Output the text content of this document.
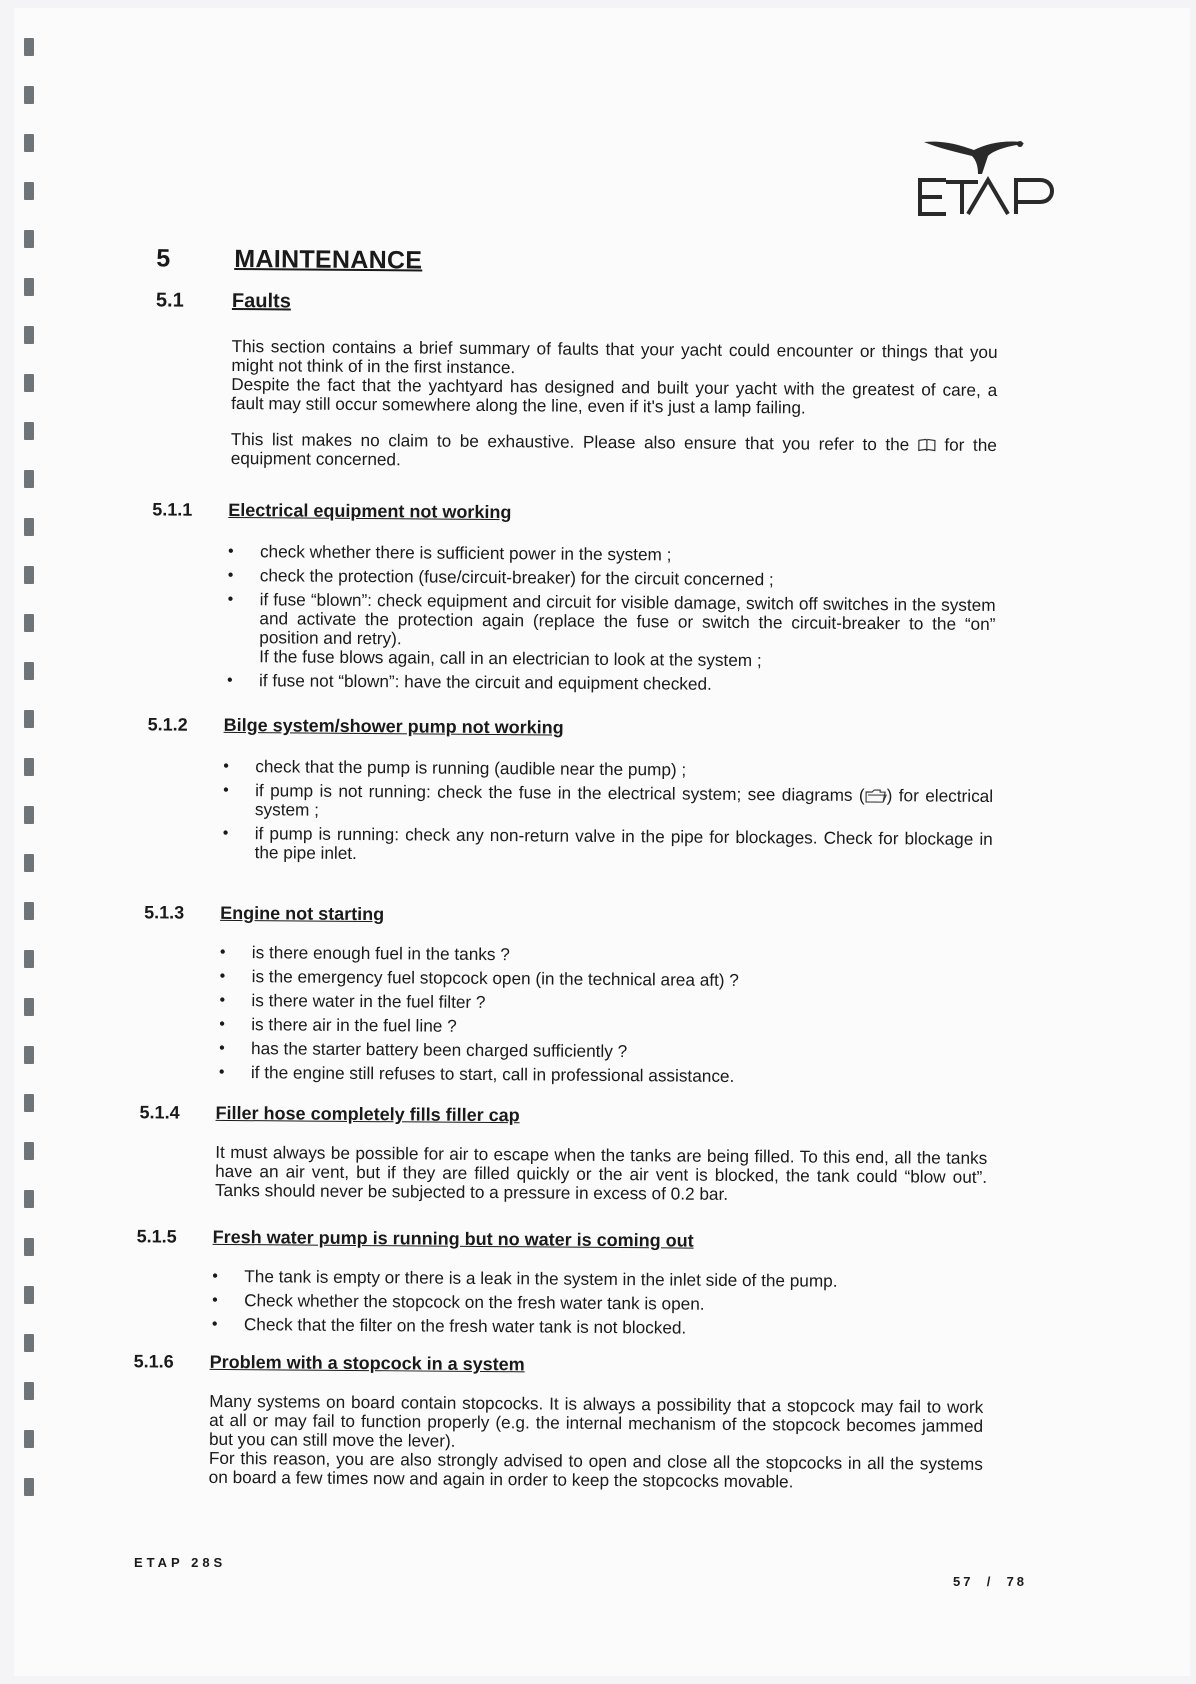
ETAP
5	MAINTENANCE
5.1 Faults

This section contains a brief summary of faults that your yacht could encounter or things that you might not think of in the first instance.

Despite the fact that the yachtyard has designed and built your yacht with the greatest of care, a fault may still occur somewhere along the line, even if it's just a lamp failing.

This list makes no claim to be exhaustive. Please also ensure that you refer to the for the equipment concerned.

5.1.1 Electrical equipment not working
• check whether there is sufficient power in the system ;
• check the protection (fuse/circuit-breaker) for the circuit concerned ;
• if fuse “blown”: check equipment and circuit for visible damage, switch off switches in the system and activate the protection again (replace the fuse or switch the circuit-breaker to the “on” position and retry).
If the fuse blows again, call in an electrician to look at the system ;
• if fuse not “blown”: have the circuit and equipment checked.
5.1.2 Bilge system/shower pump not working
• check that the pump is running (audible near the pump) ;
• if pump is not running: check the fuse in the electrical system; see diagrams ( ) for electrical system ;
• if pump is running: check any non-return valve in the pipe for blockages. Check for blockage in the pipe inlet.
5.1.3 Engine not starting
• is there enough fuel in the tanks ?
• is the emergency fuel stopcock open (in the technical area aft) ?
• is there water in the fuel filter ?
• is there air in the fuel line ?
• has the starter battery been charged sufficiently ?
• if the engine still refuses to start, call in professional assistance.
5.1.4 Filler hose completely fills filler cap

It must always be possible for air to escape when the tanks are being filled. To this end, all the tanks have an air vent, but if they are filled quickly or the air vent is blocked, the tank could “blow out”. Tanks should never be subjected to a pressure in excess of 0.2 bar.

5.1.5 Fresh water pump is running but no water is coming out
• The tank is empty or there is a leak in the system in the inlet side of the pump.
• Check whether the stopcock on the fresh water tank is open.
• Check that the filter on the fresh water tank is not blocked.
5.1.6 Problem with a stopcock in a system

Many systems on board contain stopcocks. It is always a possibility that a stopcock may fail to work at all or may fail to function properly (e.g. the internal mechanism of the stopcock becomes jammed but you can still move the lever).

For this reason, you are also strongly advised to open and close all the stopcocks in all the systems on board a few times now and again in order to keep the stopcocks movable.

ETAP 28S
57 / 78
